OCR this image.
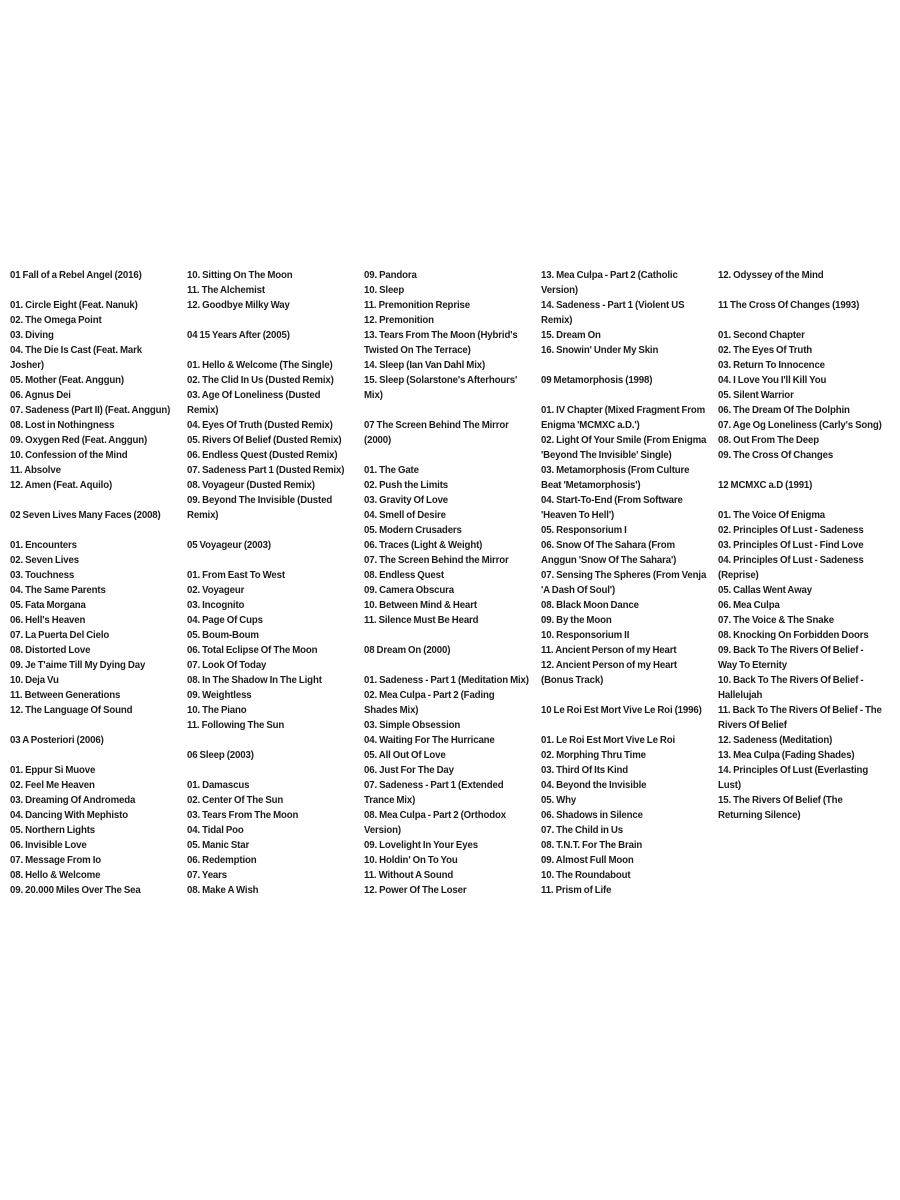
01 Fall of a Rebel Angel (2016)
01. Circle Eight (Feat. Nanuk)
02. The Omega Point
03. Diving
04. The Die Is Cast (Feat. Mark Josher)
05. Mother (Feat. Anggun)
06. Agnus Dei
07. Sadeness (Part II) (Feat. Anggun)
08. Lost in Nothingness
09. Oxygen Red (Feat. Anggun)
10. Confession of the Mind
11. Absolve
12. Amen (Feat. Aquilo)
02 Seven Lives Many Faces (2008)
01. Encounters
02. Seven Lives
03. Touchness
04. The Same Parents
05. Fata Morgana
06. Hell's Heaven
07. La Puerta Del Cielo
08. Distorted Love
09. Je T'aime Till My Dying Day
10. Deja Vu
11. Between Generations
12. The Language Of Sound
03 A Posteriori (2006)
01. Eppur Si Muove
02. Feel Me Heaven
03. Dreaming Of Andromeda
04. Dancing With Mephisto
05. Northern Lights
06. Invisible Love
07. Message From Io
08. Hello & Welcome
09. 20.000 Miles Over The Sea
10. Sitting On The Moon
11. The Alchemist
12. Goodbye Milky Way
04 15 Years After (2005)
01. Hello & Welcome (The Single)
02. The Clid In Us (Dusted Remix)
03. Age Of Loneliness (Dusted Remix)
04. Eyes Of Truth (Dusted Remix)
05. Rivers Of Belief (Dusted Remix)
06. Endless Quest (Dusted Remix)
07. Sadeness Part 1 (Dusted Remix)
08. Voyageur (Dusted Remix)
09. Beyond The Invisible (Dusted Remix)
05 Voyageur (2003)
01. From East To West
02. Voyageur
03. Incognito
04. Page Of Cups
05. Boum-Boum
06. Total Eclipse Of The Moon
07. Look Of Today
08. In The Shadow In The Light
09. Weightless
10. The Piano
11. Following The Sun
06 Sleep (2003)
01. Damascus
02. Center Of The Sun
03. Tears From The Moon
04. Tidal Poo
05. Manic Star
06. Redemption
07. Years
08. Make A Wish
09. Pandora
10. Sleep
11. Premonition Reprise
12. Premonition
13. Tears From The Moon (Hybrid's Twisted On The Terrace)
14. Sleep (Ian Van Dahl Mix)
15. Sleep (Solarstone's Afterhours' Mix)
07 The Screen Behind The Mirror (2000)
01. The Gate
02. Push the Limits
03. Gravity Of Love
04. Smell of Desire
05. Modern Crusaders
06. Traces (Light & Weight)
07. The Screen Behind the Mirror
08. Endless Quest
09. Camera Obscura
10. Between Mind & Heart
11. Silence Must Be Heard
08 Dream On (2000)
01. Sadeness - Part 1 (Meditation Mix)
02. Mea Culpa - Part 2 (Fading Shades Mix)
03. Simple Obsession
04. Waiting For The Hurricane
05. All Out Of Love
06. Just For The Day
07. Sadeness - Part 1 (Extended Trance Mix)
08. Mea Culpa - Part 2 (Orthodox Version)
09. Lovelight In Your Eyes
10. Holdin' On To You
11. Without A Sound
12. Power Of The Loser
13. Mea Culpa - Part 2 (Catholic Version)
14. Sadeness - Part 1 (Violent US Remix)
15. Dream On
16. Snowin' Under My Skin
09 Metamorphosis (1998)
01. IV Chapter (Mixed Fragment From Enigma 'MCMXC a.D.')
02. Light Of Your Smile (From Enigma 'Beyond The Invisible' Single)
03. Metamorphosis (From Culture Beat 'Metamorphosis')
04. Start-To-End (From Software 'Heaven To Hell')
05. Responsorium I
06. Snow Of The Sahara (From Anggun 'Snow Of The Sahara')
07. Sensing The Spheres (From Venja 'A Dash Of Soul')
08. Black Moon Dance
09. By the Moon
10. Responsorium II
11. Ancient Person of my Heart
12. Ancient Person of my Heart (Bonus Track)
10 Le Roi Est Mort Vive Le Roi (1996)
01. Le Roi Est Mort Vive Le Roi
02. Morphing Thru Time
03. Third Of Its Kind
04. Beyond the Invisible
05. Why
06. Shadows in Silence
07. The Child in Us
08. T.N.T. For The Brain
09. Almost Full Moon
10. The Roundabout
11. Prism of Life
12. Odyssey of the Mind
11 The Cross Of Changes (1993)
01. Second Chapter
02. The Eyes Of Truth
03. Return To Innocence
04. I Love You I'll Kill You
05. Silent Warrior
06. The Dream Of The Dolphin
07. Age Og Loneliness (Carly's Song)
08. Out From The Deep
09. The Cross Of Changes
12 MCMXC a.D (1991)
01. The Voice Of Enigma
02. Principles Of Lust - Sadeness
03. Principles Of Lust - Find Love
04. Principles Of Lust - Sadeness (Reprise)
05. Callas Went Away
06. Mea Culpa
07. The Voice & The Snake
08. Knocking On Forbidden Doors
09. Back To The Rivers Of Belief - Way To Eternity
10. Back To The Rivers Of Belief - Hallelujah
11. Back To The Rivers Of Belief - The Rivers Of Belief
12. Sadeness (Meditation)
13. Mea Culpa (Fading Shades)
14. Principles Of Lust (Everlasting Lust)
15. The Rivers Of Belief (The Returning Silence)
